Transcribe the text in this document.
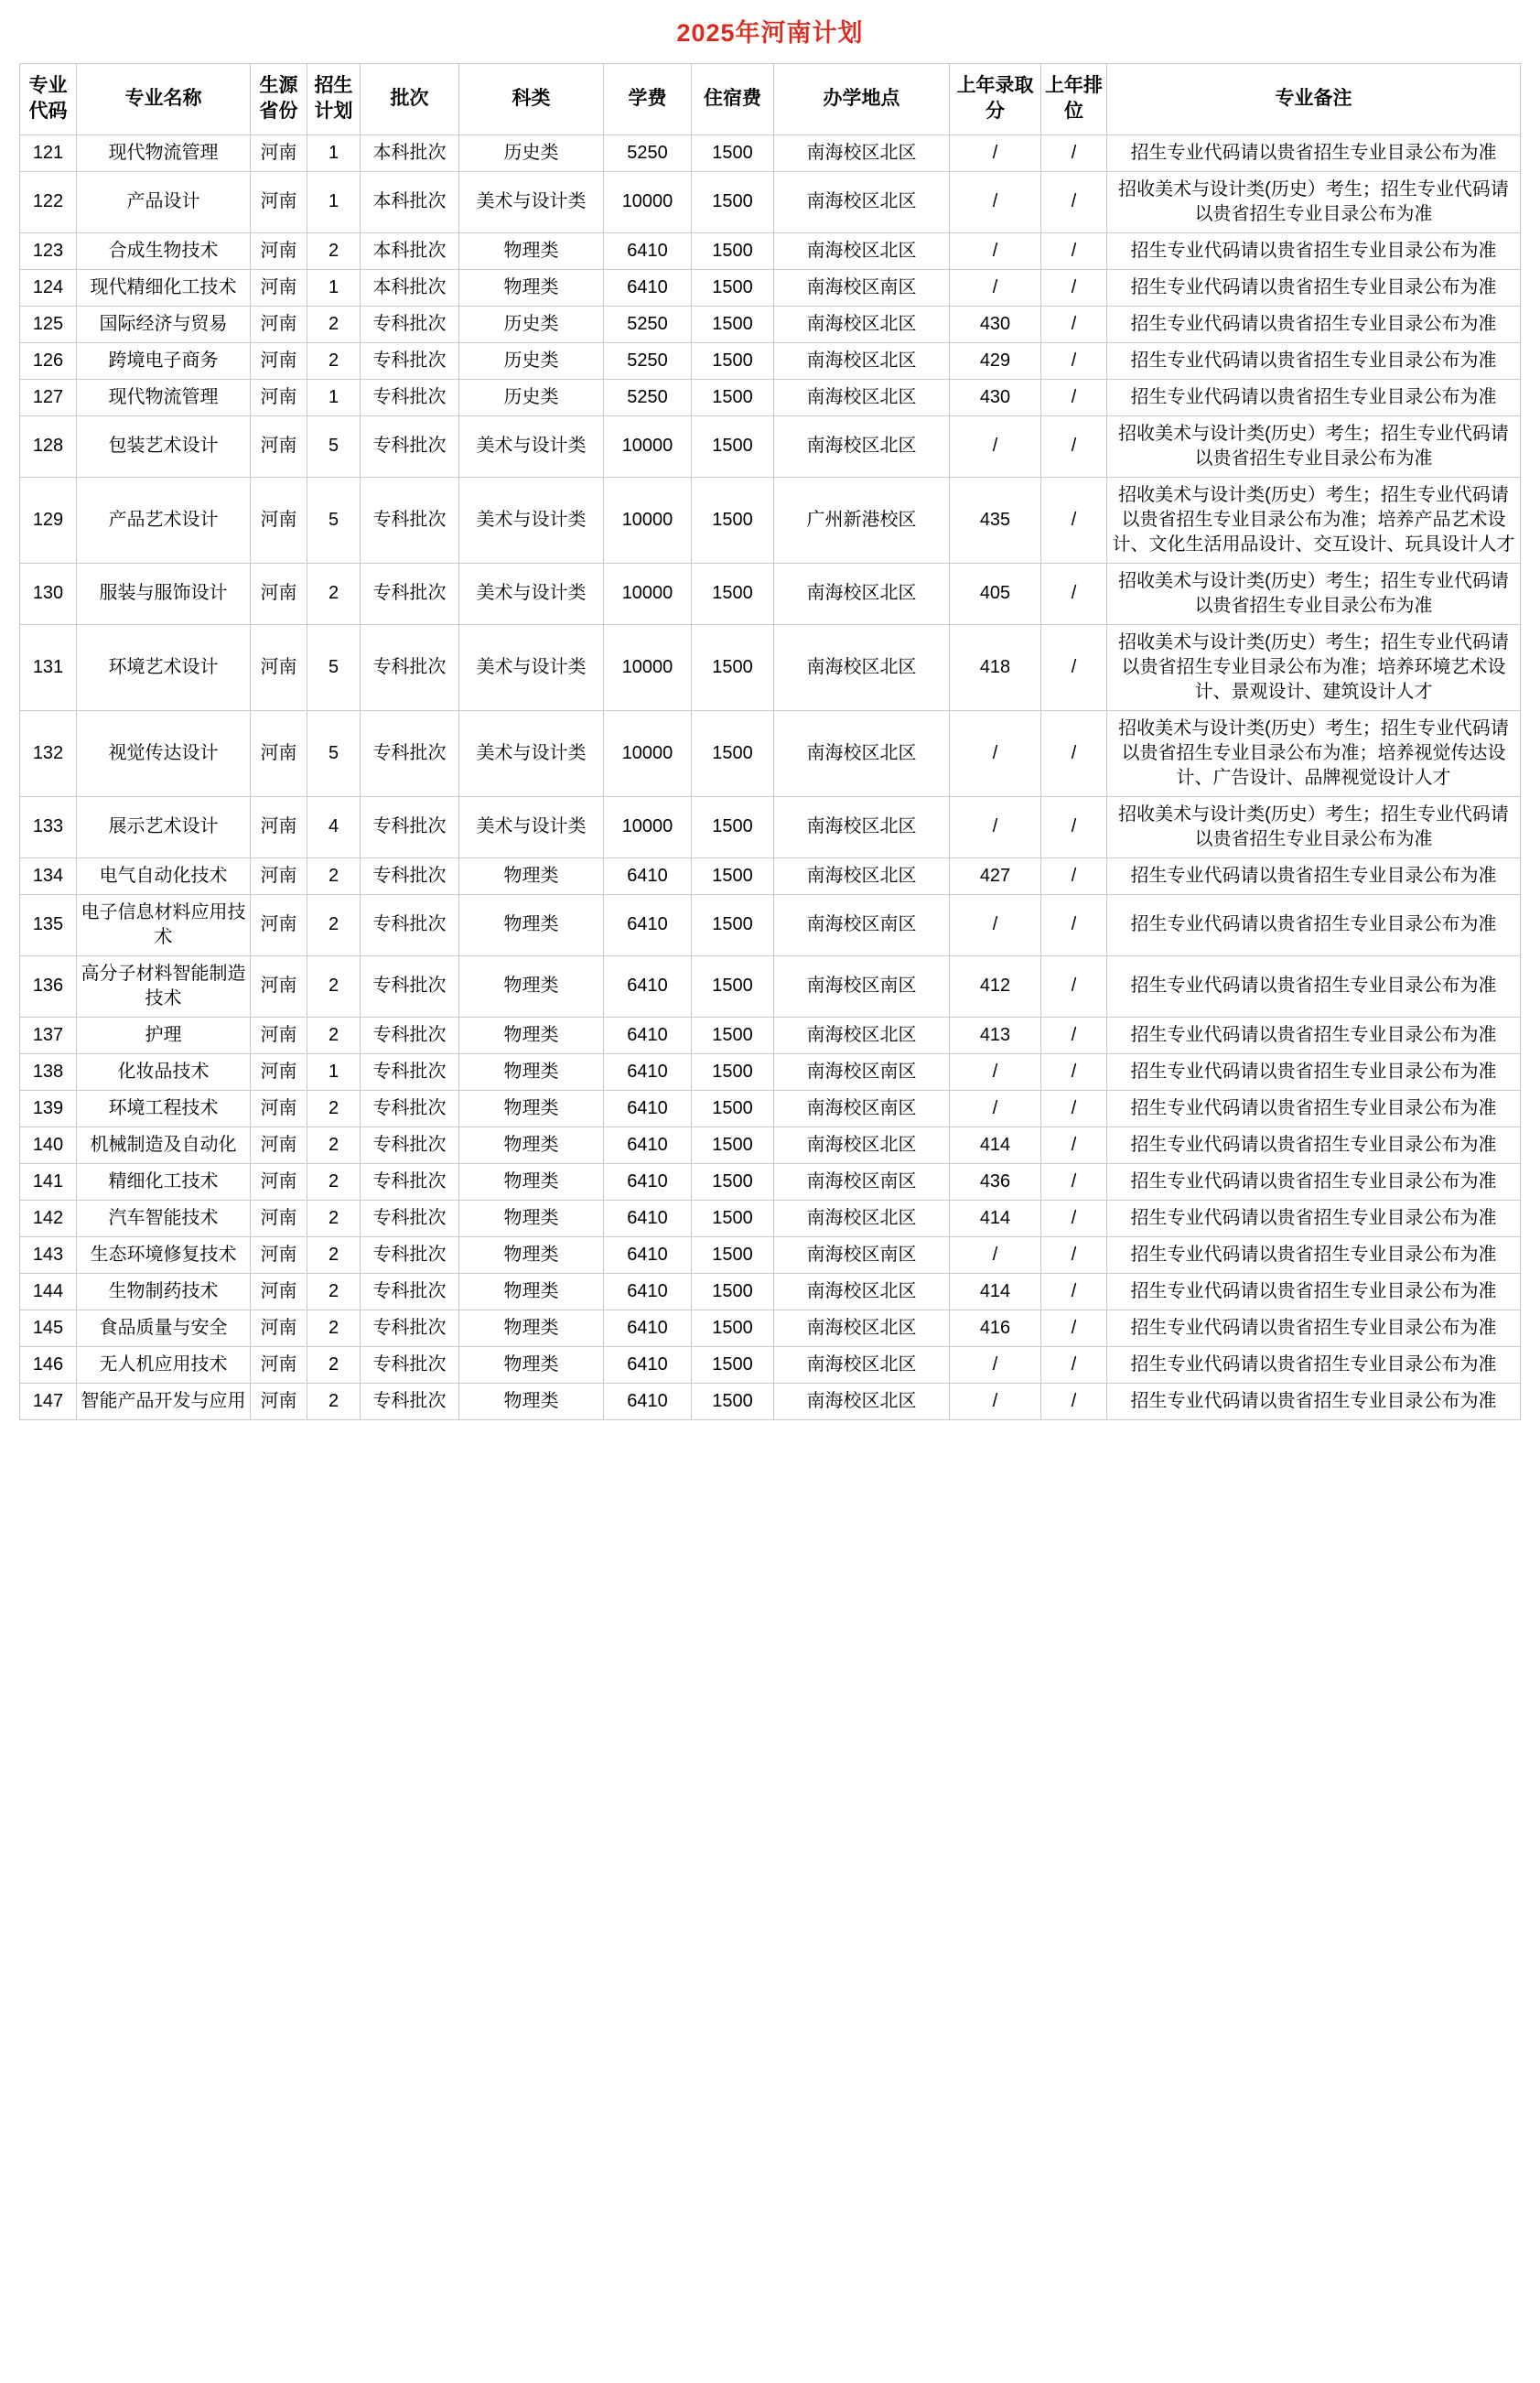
2025年河南计划
专业代码	专业名称	生源省份	招生计划	批次	科类	学费	住宿费	办学地点	上年录取分	上年排位	专业备注
121	现代物流管理	河南	1	本科批次	历史类	5250	1500	南海校区北区	/	/	招生专业代码请以贵省招生专业目录公布为准
122	产品设计	河南	1	本科批次	美术与设计类	10000	1500	南海校区北区	/	/	招收美术与设计类(历史）考生；招生专业代码请以贵省招生专业目录公布为准
123	合成生物技术	河南	2	本科批次	物理类	6410	1500	南海校区北区	/	/	招生专业代码请以贵省招生专业目录公布为准
124	现代精细化工技术	河南	1	本科批次	物理类	6410	1500	南海校区南区	/	/	招生专业代码请以贵省招生专业目录公布为准
125	国际经济与贸易	河南	2	专科批次	历史类	5250	1500	南海校区北区	430	/	招生专业代码请以贵省招生专业目录公布为准
126	跨境电子商务	河南	2	专科批次	历史类	5250	1500	南海校区北区	429	/	招生专业代码请以贵省招生专业目录公布为准
127	现代物流管理	河南	1	专科批次	历史类	5250	1500	南海校区北区	430	/	招生专业代码请以贵省招生专业目录公布为准
128	包装艺术设计	河南	5	专科批次	美术与设计类	10000	1500	南海校区北区	/	/	招收美术与设计类(历史）考生；招生专业代码请以贵省招生专业目录公布为准
129	产品艺术设计	河南	5	专科批次	美术与设计类	10000	1500	广州新港校区	435	/	招收美术与设计类(历史）考生；招生专业代码请以贵省招生专业目录公布为准；培养产品艺术设计、文化生活用品设计、交互设计、玩具设计人才
130	服装与服饰设计	河南	2	专科批次	美术与设计类	10000	1500	南海校区北区	405	/	招收美术与设计类(历史）考生；招生专业代码请以贵省招生专业目录公布为准
131	环境艺术设计	河南	5	专科批次	美术与设计类	10000	1500	南海校区北区	418	/	招收美术与设计类(历史）考生；招生专业代码请以贵省招生专业目录公布为准；培养环境艺术设计、景观设计、建筑设计人才
132	视觉传达设计	河南	5	专科批次	美术与设计类	10000	1500	南海校区北区	/	/	招收美术与设计类(历史）考生；招生专业代码请以贵省招生专业目录公布为准；培养视觉传达设计、广告设计、品牌视觉设计人才
133	展示艺术设计	河南	4	专科批次	美术与设计类	10000	1500	南海校区北区	/	/	招收美术与设计类(历史）考生；招生专业代码请以贵省招生专业目录公布为准
134	电气自动化技术	河南	2	专科批次	物理类	6410	1500	南海校区北区	427	/	招生专业代码请以贵省招生专业目录公布为准
135	电子信息材料应用技术	河南	2	专科批次	物理类	6410	1500	南海校区南区	/	/	招生专业代码请以贵省招生专业目录公布为准
136	高分子材料智能制造技术	河南	2	专科批次	物理类	6410	1500	南海校区南区	412	/	招生专业代码请以贵省招生专业目录公布为准
137	护理	河南	2	专科批次	物理类	6410	1500	南海校区北区	413	/	招生专业代码请以贵省招生专业目录公布为准
138	化妆品技术	河南	1	专科批次	物理类	6410	1500	南海校区南区	/	/	招生专业代码请以贵省招生专业目录公布为准
139	环境工程技术	河南	2	专科批次	物理类	6410	1500	南海校区南区	/	/	招生专业代码请以贵省招生专业目录公布为准
140	机械制造及自动化	河南	2	专科批次	物理类	6410	1500	南海校区北区	414	/	招生专业代码请以贵省招生专业目录公布为准
141	精细化工技术	河南	2	专科批次	物理类	6410	1500	南海校区南区	436	/	招生专业代码请以贵省招生专业目录公布为准
142	汽车智能技术	河南	2	专科批次	物理类	6410	1500	南海校区北区	414	/	招生专业代码请以贵省招生专业目录公布为准
143	生态环境修复技术	河南	2	专科批次	物理类	6410	1500	南海校区南区	/	/	招生专业代码请以贵省招生专业目录公布为准
144	生物制药技术	河南	2	专科批次	物理类	6410	1500	南海校区北区	414	/	招生专业代码请以贵省招生专业目录公布为准
145	食品质量与安全	河南	2	专科批次	物理类	6410	1500	南海校区北区	416	/	招生专业代码请以贵省招生专业目录公布为准
146	无人机应用技术	河南	2	专科批次	物理类	6410	1500	南海校区北区	/	/	招生专业代码请以贵省招生专业目录公布为准
147	智能产品开发与应用	河南	2	专科批次	物理类	6410	1500	南海校区北区	/	/	招生专业代码请以贵省招生专业目录公布为准
